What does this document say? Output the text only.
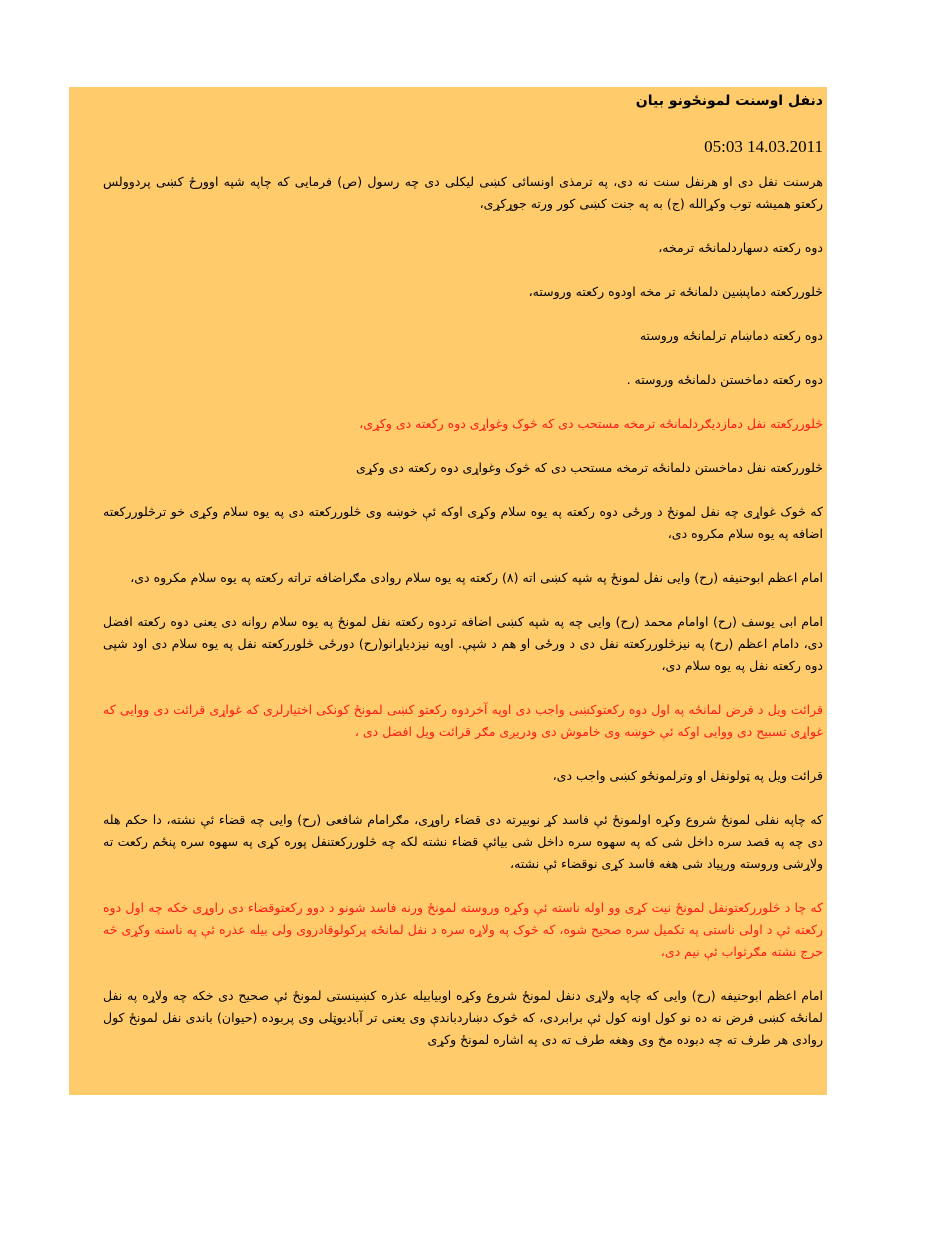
دنفل اوسنت لمونځونو بيان
05:03 14.03.2011

هرسنت نفل دی او هرنفل سنت نه دی، په ترمذی اونسائی کښی ليکلی دی چه رسول (ص) فرمايی که چاپه شپه اوورځ کښی پردوولس رکعتو هميشه توب وکړالله (ج) به په جنت کښی کور ورته جوړکړی،

دوه رکعته دسهاردلمانځه ترمخه،

څلوررکعته دماپښين دلمانځه تر مخه اودوه رکعته وروسته،

دوه رکعته دماښام ترلمانځه وروسته

دوه رکعته دماخستن دلمانځه وروسته .

څلوررکعته نفل دمازديګردلمانځه ترمخه مستحب دی که څوک وغواړی دوه رکعته دی وکړی،

څلوررکعته نفل دماخستن دلمانځه ترمخه مستحب دی که څوک وغواړی دوه رکعته دی وکړی

که څوک غواړی چه نفل لمونځ د ورځی دوه رکعته په يوه سلام وکړی اوکه ئې خوښه وی څلوررکعته دی په يوه سلام وکړی خو ترڅلوررکعته اضافه په يوه سلام مکروه دی،

امام اعظم ابوحنيفه (رح) وايی نفل لمونځ په شپه کښی اته (۸) رکعته په يوه سلام روادی مګراضافه تراته رکعته په يوه سلام مکروه دی،

امام ابی يوسف (رح) اوامام محمد (رح) وايی چه په شپه کښی اضافه تردوه رکعته نفل لمونځ په يوه سلام روانه دی يعنی دوه رکعته افضل دی، دامام اعظم (رح) په نيزڅلوررکعته نفل دی د ورځی او هم د شپې. اوپه نيزدياړانو(رح) دورځی څلوررکعته نفل په يوه سلام دی اود شپی دوه رکعته نفل په يوه سلام دی،

قرائت ويل د فرض لمانځه په اول دوه رکعتوکښی واجب دی اوپه آخردوه رکعتو کښی لمونځ کونکی اختيارلری که غواړی قرائت دی ووايی که غواړی تسبيح دی ووايی اوکه ئې خوښه وی خاموش دی ودريږی مګر قرائت ويل افضل دی ،

قرائت ويل په ټولونفل او وترلمونځو کښی واجب دی،

که چاپه نفلی لمونځ شروع وکړه اولمونځ ئې فاسد کړ نوبيرته دی قضاء راوړی، مګرامام شافعی (رح) وايی چه قضاء ئې نشته، دا حکم هله دی چه په قصد سره داخل شی که په سهوه سره داخل شی بيائې قضاء نشته لکه چه څلوررکعتنفل پوره کړی په سهوه سره پنځم رکعت ته ولاړشی وروسته ورپياد شی هغه فاسد کړی نوقضاء ئې نشته،

که چا د څلوررکعتونفل لمونځ نيت کړی وو اوله ناسته ئې وکړه وروسته لمونځ ورنه فاسد شونو د دوو رکعتوقضاء دی راوړی خکه چه اول دوه رکعته ئې د اولی ناستی په تکميل سره صحيح شوه، که څوک په ولاړه سره د نفل لمانځه پرکولوقادروی ولی بيله عذره ئې په ناسته وکړی څه حرج نشته مګرثواب ئې نيم دی،

امام اعظم ابوحنيفه (رح) وايی که چاپه ولاړی دنفل لمونځ شروع وکړه اوبيابيله عذره کښينستی لمونځ ئې صحيح دی خکه چه ولاړه په نفل لمانځه کښی فرض نه ده نو کول اونه کول ئې برابردی، که څوک دښاردباندې وی يعنی تر آباديوټلی وی پربوده (حيوان) باندی نفل لمونځ کول روادی هر طرف ته چه دبوده مخ وی وهغه طرف ته دی په اشاره لمونځ وکړی
